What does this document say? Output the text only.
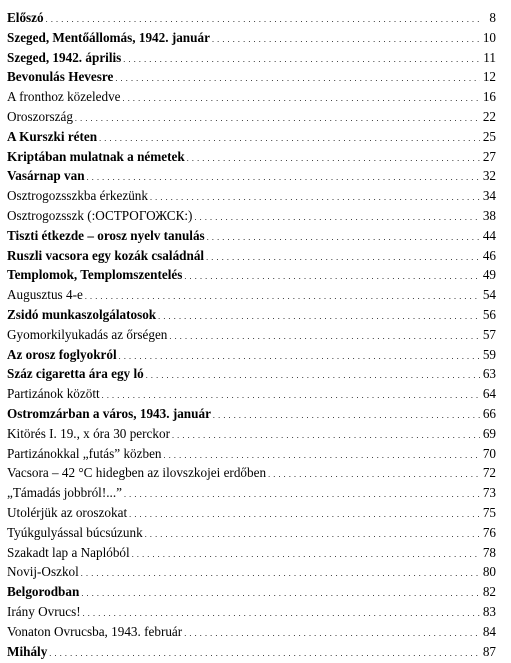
Előszó . . .	8
Szeged, Mentőállomás, 1942. január . . .	10
Szeged, 1942. április . . .	11
Bevonulás Hevesre . . .	12
A fronthoz közeledve . . .	16
Oroszország . . .	22
A Kurszki réten . . .	25
Kriptában mulatnak a németek . . .	27
Vasárnap van . . .	32
Osztrogozsszkba érkezünk . . .	34
Osztrogozsszk (:ОСТРОГОЖСК:) . . .	38
Tiszti étkezde – orosz nyelv tanulás . . .	44
Ruszli vacsora egy kozák családnál . . .	46
Templomok, Templomszentelés . . .	49
Augusztus 4-e . . .	54
Zsidó munkaszolgálatosok . . .	56
Gyomorkilyukadás az őrségen . . .	57
Az orosz foglyokról . . .	59
Száz cigaretta ára egy ló . . .	63
Partizánok között . . .	64
Ostromzárban a város, 1943. január . . .	66
Kitörés I. 19., x óra 30 perckor . . .	69
Partizánokkal „futás” közben . . .	70
Vacsora – 42 °C hidegben az ilovszkojei erdőben . . .	72
„Támadás jobbról!...” . . .	73
Utolérjük az oroszokat . . .	75
Tyúkgulyással búcsúzunk . . .	76
Szakadt lap a Naplóból . . .	78
Novij-Oszkol . . .	80
Belgorodban . . .	82
Irány Ovrucs! . . .	83
Vonaton Ovrucsba, 1943. február . . .	84
Mihály . . .	87
